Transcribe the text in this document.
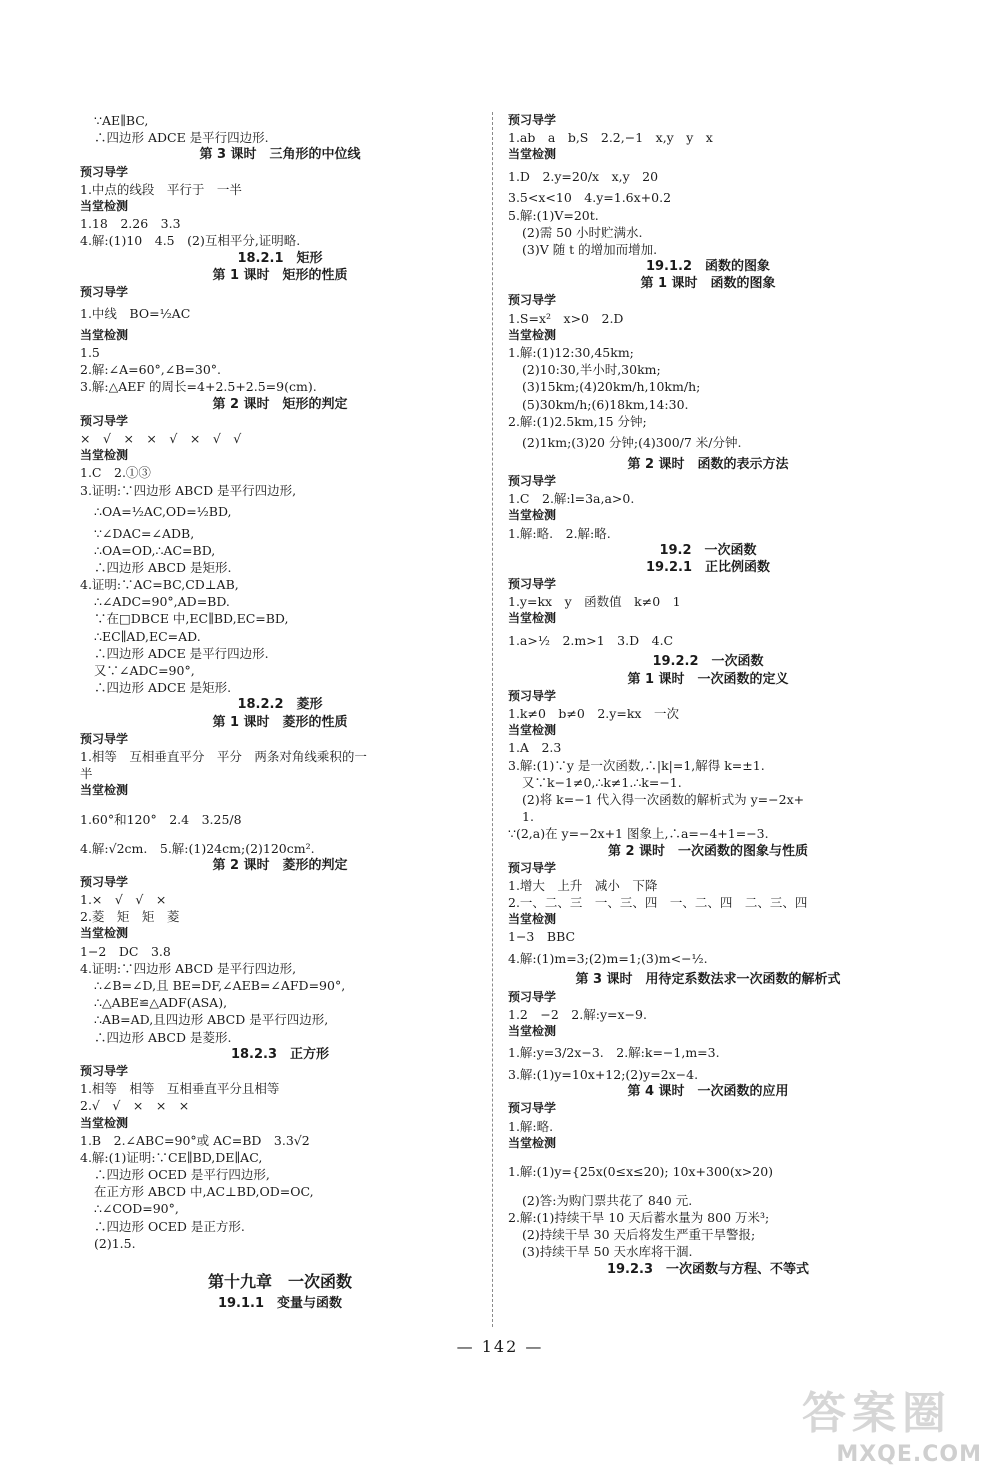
∵AE∥BC,
∴四边形 ADCE 是平行四边形.
第 3 课时　三角形的中位线
预习导学
1.中点的线段　平行于　一半
当堂检测
1.18　2.26　3.3
4.解:(1)10　4.5　(2)互相平分,证明略.
18.2.1　矩形
第 1 课时　矩形的性质
预习导学
1.中线　BO=½AC
当堂检测
1.5
2.解:∠A=60°,∠B=30°.
3.解:△AEF 的周长=4+2.5+2.5=9(cm).
第 2 课时　矩形的判定
预习导学
×　√　×　×　√　×　√　√
当堂检测
1.C　2.①③
3.证明:∵四边形 ABCD 是平行四边形,
∴OA=½AC,OD=½BD,
∵∠DAC=∠ADB,
∴OA=OD,∴AC=BD,
∴四边形 ABCD 是矩形.
4.证明:∵AC=BC,CD⊥AB,
∴∠ADC=90°,AD=BD.
∵在□DBCE 中,EC∥BD,EC=BD,
∴EC∥AD,EC=AD.
∴四边形 ADCE 是平行四边形.
又∵∠ADC=90°,
∴四边形 ADCE 是矩形.
18.2.2　菱形
第 1 课时　菱形的性质
预习导学
1.相等　互相垂直平分　平分　两条对角线乘积的一
半
当堂检测
1.60°和120°　2.4　3.25/8
4.解:√2cm.　5.解:(1)24cm;(2)120cm².
第 2 课时　菱形的判定
预习导学
1.×　√　√　×
2.菱　矩　矩　菱
当堂检测
1−2　DC　3.8
4.证明:∵四边形 ABCD 是平行四边形,
∴∠B=∠D,且 BE=DF,∠AEB=∠AFD=90°,
∴△ABE≌△ADF(ASA),
∴AB=AD,且四边形 ABCD 是平行四边形,
∴四边形 ABCD 是菱形.
18.2.3　正方形
预习导学
1.相等　相等　互相垂直平分且相等
2.√　√　×　×　×
当堂检测
1.B　2.∠ABC=90°或 AC=BD　3.3√2
4.解:(1)证明:∵CE∥BD,DE∥AC,
∴四边形 OCED 是平行四边形,
在正方形 ABCD 中,AC⊥BD,OD=OC,
∴∠COD=90°,
∴四边形 OCED 是正方形.
(2)1.5.
第十九章　一次函数
19.1.1　变量与函数
预习导学
1.ab　a　b,S　2.2,−1　x,y　y　x
当堂检测
1.D　2.y=20/x　x,y　20
3.5<x<10　4.y=1.6x+0.2
5.解:(1)V=20t.
(2)需 50 小时贮满水.
(3)V 随 t 的增加而增加.
19.1.2　函数的图象
第 1 课时　函数的图象
预习导学
1.S=x²　x>0　2.D
当堂检测
1.解:(1)12:30,45km;
(2)10:30,半小时,30km;
(3)15km;(4)20km/h,10km/h;
(5)30km/h;(6)18km,14:30.
2.解:(1)2.5km,15 分钟;
(2)1km;(3)20 分钟;(4)300/7 米/分钟.
第 2 课时　函数的表示方法
预习导学
1.C　2.解:l=3a,a>0.
当堂检测
1.解:略.　2.解:略.
19.2　一次函数
19.2.1　正比例函数
预习导学
1.y=kx　y　函数值　k≠0　1
当堂检测
1.a>½　2.m>1　3.D　4.C
19.2.2　一次函数
第 1 课时　一次函数的定义
预习导学
1.k≠0　b≠0　2.y=kx　一次
当堂检测
1.A　2.3
3.解:(1)∵y 是一次函数,∴|k|=1,解得 k=±1.
又∵k−1≠0,∴k≠1.∴k=−1.
(2)将 k=−1 代入得一次函数的解析式为 y=−2x+
1.
∵(2,a)在 y=−2x+1 图象上,∴a=−4+1=−3.
第 2 课时　一次函数的图象与性质
预习导学
1.增大　上升　减小　下降
2.一、二、三　一、三、四　一、二、四　二、三、四
当堂检测
1−3　BBC
4.解:(1)m=3;(2)m=1;(3)m<−½.
第 3 课时　用待定系数法求一次函数的解析式
预习导学
1.2　−2　2.解:y=x−9.
当堂检测
1.解:y=3/2x−3.　2.解:k=−1,m=3.
3.解:(1)y=10x+12;(2)y=2x−4.
第 4 课时　一次函数的应用
预习导学
1.解:略.
当堂检测
1.解:(1)y={25x(0≤x≤20); 10x+300(x>20)
(2)答:为购门票共花了 840 元.
2.解:(1)持续干旱 10 天后蓄水量为 800 万米³;
(2)持续干旱 30 天后将发生严重干旱警报;
(3)持续干旱 50 天水库将干涸.
19.2.3　一次函数与方程、不等式
— 142 —
答案圈
MXQE.COM
